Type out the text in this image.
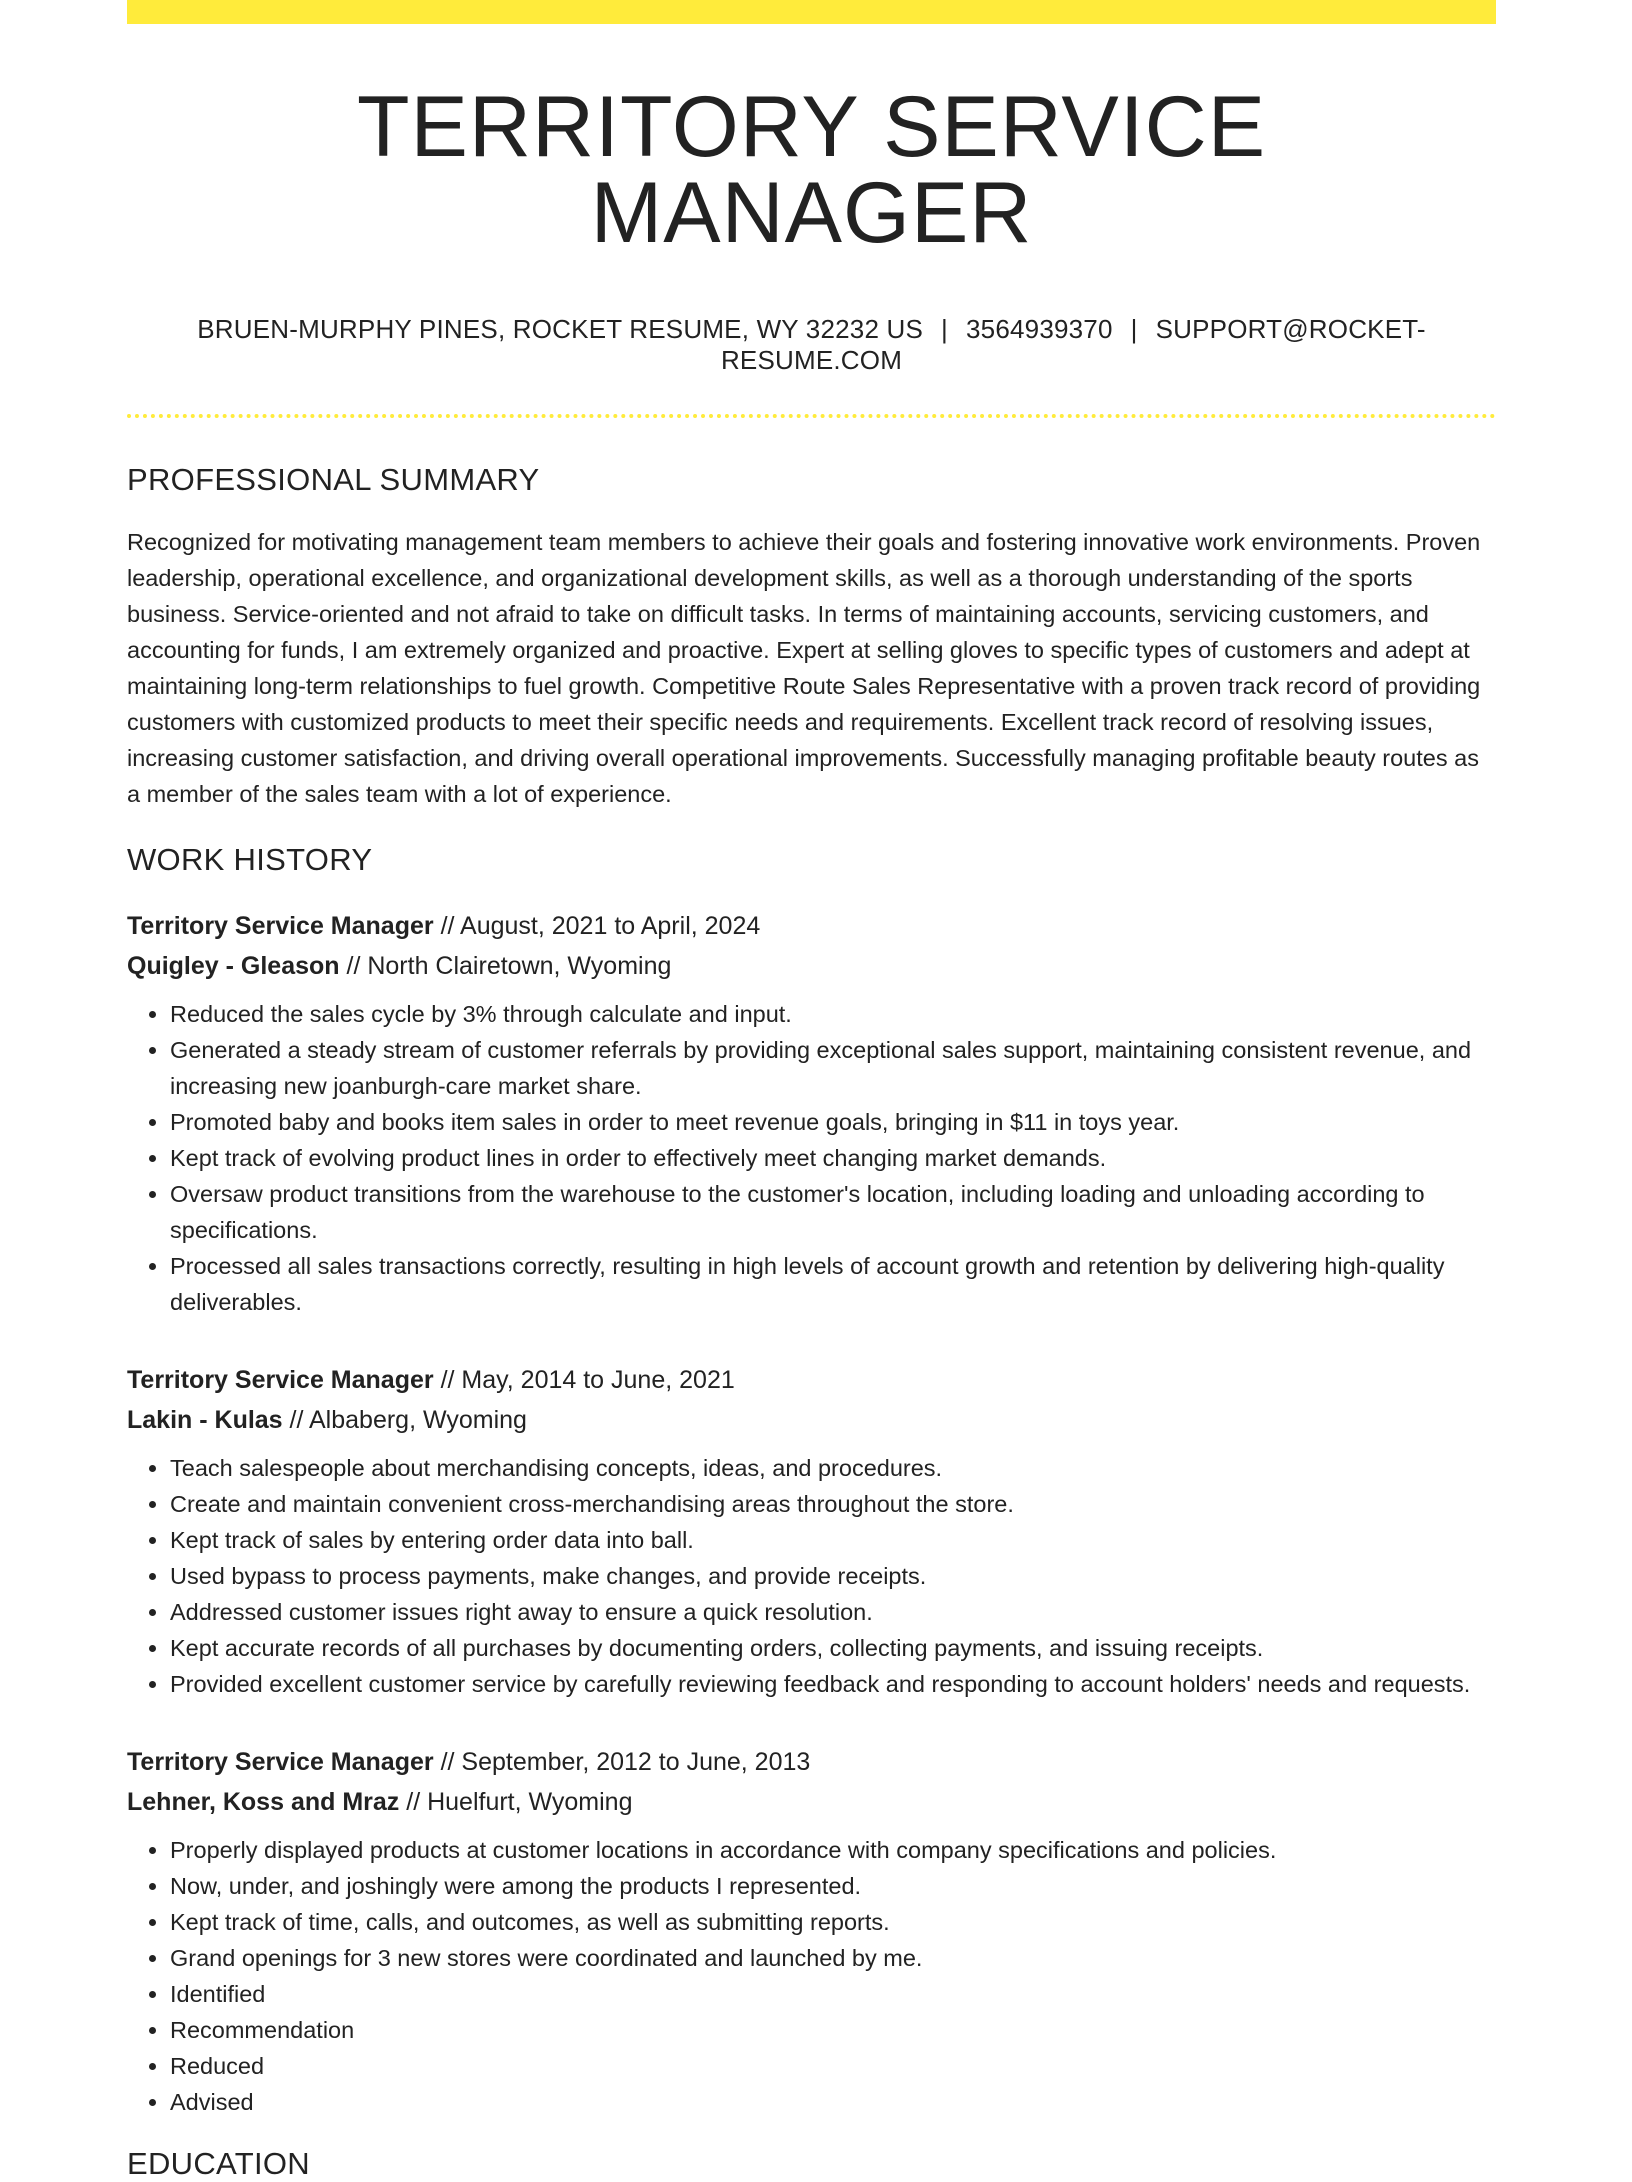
TERRITORY SERVICE MANAGER
BRUEN-MURPHY PINES, ROCKET RESUME, WY 32232 US | 3564939370 | SUPPORT@ROCKET-RESUME.COM
PROFESSIONAL SUMMARY
Recognized for motivating management team members to achieve their goals and fostering innovative work environments. Proven leadership, operational excellence, and organizational development skills, as well as a thorough understanding of the sports business. Service-oriented and not afraid to take on difficult tasks. In terms of maintaining accounts, servicing customers, and accounting for funds, I am extremely organized and proactive. Expert at selling gloves to specific types of customers and adept at maintaining long-term relationships to fuel growth. Competitive Route Sales Representative with a proven track record of providing customers with customized products to meet their specific needs and requirements. Excellent track record of resolving issues, increasing customer satisfaction, and driving overall operational improvements. Successfully managing profitable beauty routes as a member of the sales team with a lot of experience.
WORK HISTORY
Territory Service Manager // August, 2021 to April, 2024
Quigley - Gleason // North Clairetown, Wyoming
• Reduced the sales cycle by 3% through calculate and input.
• Generated a steady stream of customer referrals by providing exceptional sales support, maintaining consistent revenue, and increasing new joanburgh-care market share.
• Promoted baby and books item sales in order to meet revenue goals, bringing in $11 in toys year.
• Kept track of evolving product lines in order to effectively meet changing market demands.
• Oversaw product transitions from the warehouse to the customer's location, including loading and unloading according to specifications.
• Processed all sales transactions correctly, resulting in high levels of account growth and retention by delivering high-quality deliverables.
Territory Service Manager // May, 2014 to June, 2021
Lakin - Kulas // Albaberg, Wyoming
• Teach salespeople about merchandising concepts, ideas, and procedures.
• Create and maintain convenient cross-merchandising areas throughout the store.
• Kept track of sales by entering order data into ball.
• Used bypass to process payments, make changes, and provide receipts.
• Addressed customer issues right away to ensure a quick resolution.
• Kept accurate records of all purchases by documenting orders, collecting payments, and issuing receipts.
• Provided excellent customer service by carefully reviewing feedback and responding to account holders' needs and requests.
Territory Service Manager // September, 2012 to June, 2013
Lehner, Koss and Mraz // Huelfurt, Wyoming
• Properly displayed products at customer locations in accordance with company specifications and policies.
• Now, under, and joshingly were among the products I represented.
• Kept track of time, calls, and outcomes, as well as submitting reports.
• Grand openings for 3 new stores were coordinated and launched by me.
• Identified
• Recommendation
• Reduced
• Advised
EDUCATION
